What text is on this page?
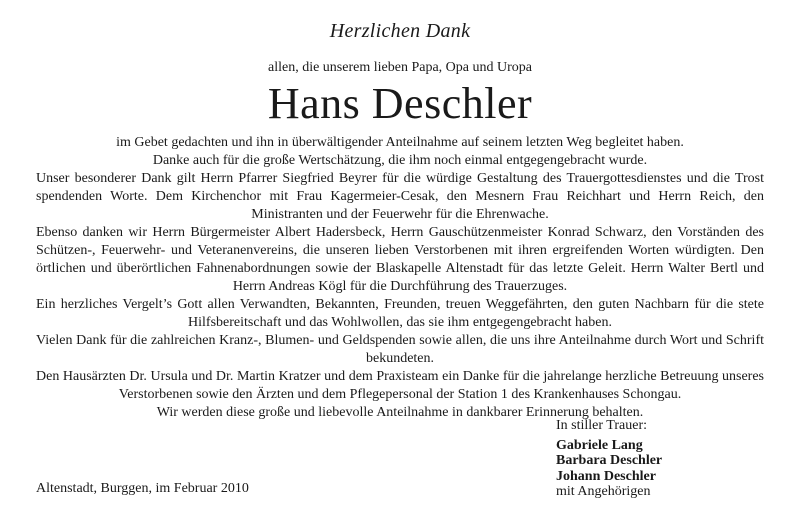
Herzlichen Dank
allen, die unserem lieben Papa, Opa und Uropa
Hans Deschler

im Gebet gedachten und ihn in überwältigender Anteilnahme auf seinem letzten Weg begleitet haben.

Danke auch für die große Wertschätzung, die ihm noch einmal entgegengebracht wurde.

Unser besonderer Dank gilt Herrn Pfarrer Siegfried Beyrer für die würdige Gestaltung des Trauergottesdienstes und die Trost spendenden Worte. Dem Kirchenchor mit Frau Kagermeier-Cesak, den Mesnern Frau Reichhart und Herrn Reich, den Ministranten und der Feuerwehr für die Ehrenwache.

Ebenso danken wir Herrn Bürgermeister Albert Hadersbeck, Herrn Gauschützenmeister Konrad Schwarz, den Vorständen des Schützen-, Feuerwehr- und Veteranenvereins, die unseren lieben Verstorbenen mit ihren ergreifenden Worten würdigten. Den örtlichen und überörtlichen Fahnenabordnungen sowie der Blaskapelle Altenstadt für das letzte Geleit. Herrn Walter Bertl und Herrn Andreas Kögl für die Durchführung des Trauerzuges.

Ein herzliches Vergelt’s Gott allen Verwandten, Bekannten, Freunden, treuen Weggefährten, den guten Nachbarn für die stete Hilfsbereitschaft und das Wohlwollen, das sie ihm entgegengebracht haben.

Vielen Dank für die zahlreichen Kranz-, Blumen- und Geldspenden sowie allen, die uns ihre Anteilnahme durch Wort und Schrift bekundeten.

Den Hausärzten Dr. Ursula und Dr. Martin Kratzer und dem Praxisteam ein Danke für die jahrelange herzliche Betreuung unseres Verstorbenen sowie den Ärzten und dem Pflegepersonal der Station 1 des Krankenhauses Schongau.

Wir werden diese große und liebevolle Anteilnahme in dankbarer Erinnerung behalten.

Altenstadt, Burggen, im Februar 2010
In stiller Trauer:
Gabriele Lang
Barbara Deschler
Johann Deschler
mit Angehörigen
